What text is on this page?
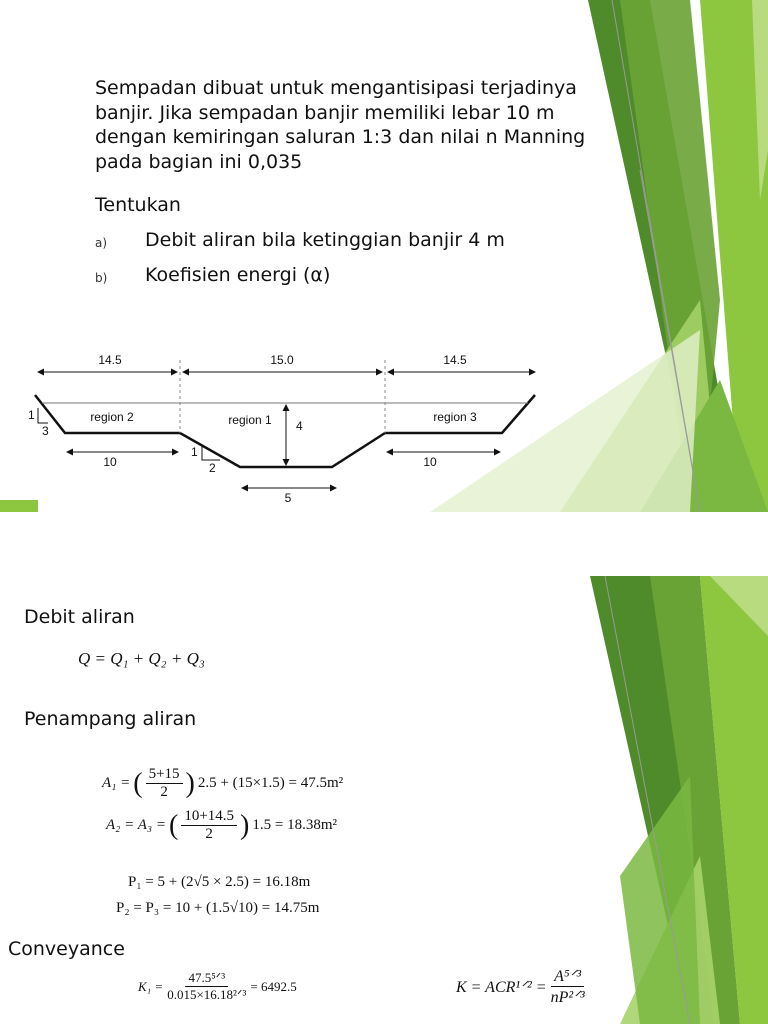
Sempadan dibuat untuk mengantisipasi terjadinya
banjir. Jika sempadan banjir memiliki lebar 10 m
dengan kemiringan saluran 1:3 dan nilai n Manning
pada bagian ini 0,035
Tentukan
a) Debit aliran bila ketinggian banjir 4 m
b) Koefisien energi (α)
14.5	15.0	14.5
region 2	region 1	region 3
4
1
3
1
2
10	10
5
Debit aliran
Q = Q₁ + Q₂ + Q₃
Penampang aliran
A₁ = ( 5+15
2 ) 2.5 + (15×1.5) = 47.5m²
A₂ = A₃ = ( 10+14.5
2 ) 1.5 = 18.38m²
P₁ = 5 + (2√5 × 2.5) = 16.18m
P₂ = P₃ = 10 + (1.5√10) = 14.75m
Conveyance
K₁ =
47.5⁵ᐟ³
0.015×16.18²ᐟ³
= 6492.5	K = ACR¹ᐟ² =
A⁵ᐟ³
nP²ᐟ³
